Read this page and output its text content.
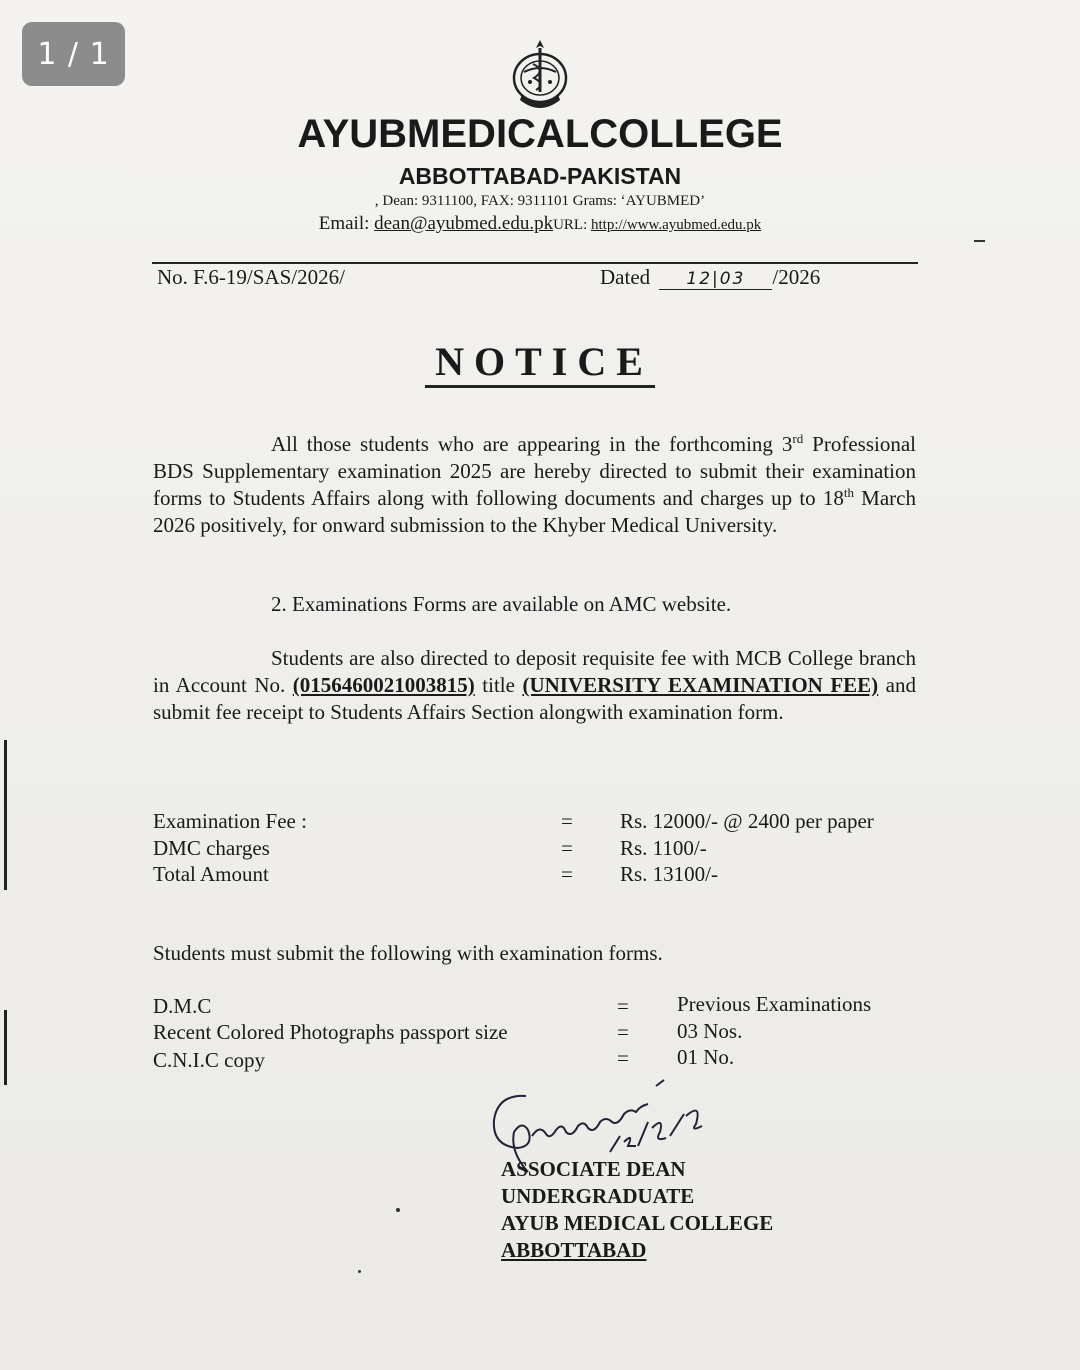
1 / 1
AYUBMEDICALCOLLEGE
ABBOTTABAD-PAKISTAN
, Dean: 9311100, FAX: 9311101 Grams: ‘AYUBMED’
Email: dean@ayubmed.edu.pkURL: http://www.ayubmed.edu.pk
No. F.6-19/SAS/2026/	Dated 12|03 /2026
NOTICE
All those students who are appearing in the forthcoming 3rd Professional BDS Supplementary examination 2025 are hereby directed to submit their examination forms to Students Affairs along with following documents and charges up to 18th March 2026 positively, for onward submission to the Khyber Medical University.
2. Examinations Forms are available on AMC website.
Students are also directed to deposit requisite fee with MCB College branch in Account No. (0156460021003815) title (UNIVERSITY EXAMINATION FEE) and submit fee receipt to Students Affairs Section alongwith examination form.
Examination Fee :	= Rs. 12000/- @ 2400 per paper
DMC charges	= Rs. 1100/-
Total Amount	= Rs. 13100/-
Students must submit the following with examination forms.
D.M.C	= Previous Examinations
Recent Colored Photographs passport size	= 03 Nos.
C.N.I.C copy	= 01 No.
ASSOCIATE DEAN
UNDERGRADUATE
AYUB MEDICAL COLLEGE
ABBOTTABAD
